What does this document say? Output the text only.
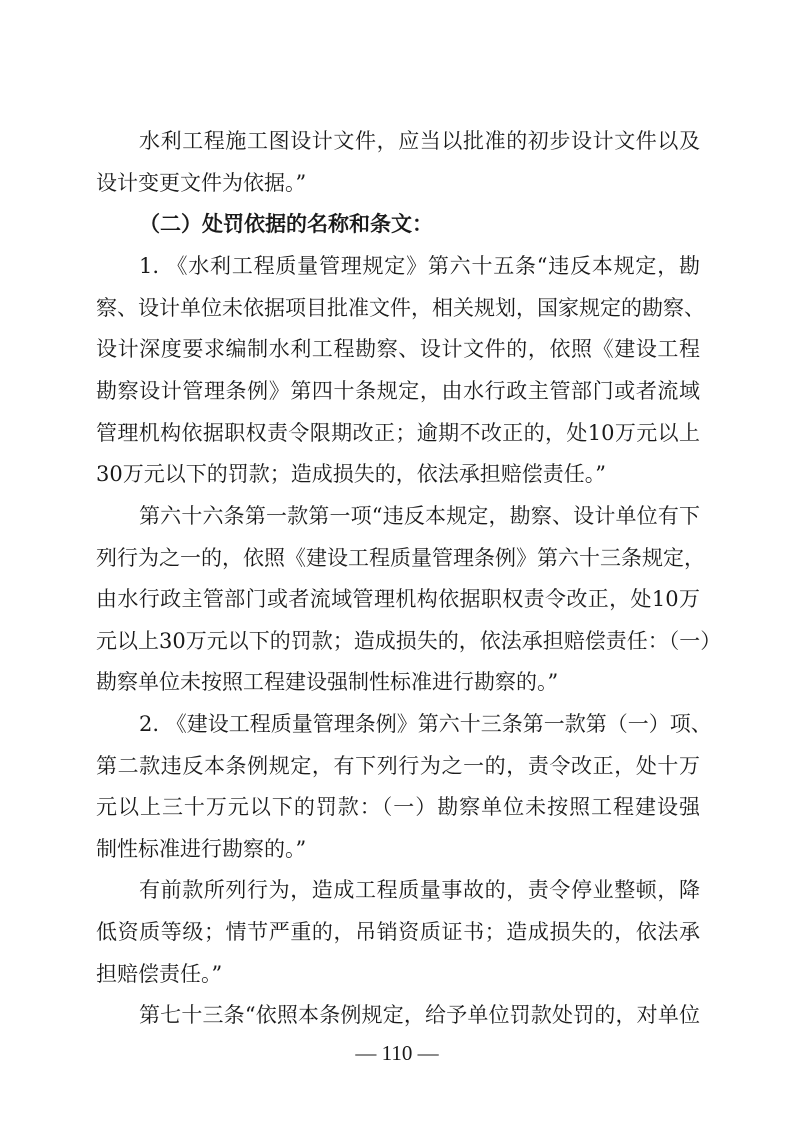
水利工程施工图设计文件，应当以批准的初步设计文件以及
设计变更文件为依据。”
（二）处罚依据的名称和条文：
1. 《水利工程质量管理规定》第六十五条“违反本规定，勘
察、设计单位未依据项目批准文件，相关规划，国家规定的勘察、
设计深度要求编制水利工程勘察、设计文件的，依照《建设工程
勘察设计管理条例》第四十条规定，由水行政主管部门或者流域
管理机构依据职权责令限期改正；逾期不改正的，处10万元以上
30万元以下的罚款；造成损失的，依法承担赔偿责任。”
第六十六条第一款第一项“违反本规定，勘察、设计单位有下
列行为之一的，依照《建设工程质量管理条例》第六十三条规定，
由水行政主管部门或者流域管理机构依据职权责令改正，处10万
元以上30万元以下的罚款；造成损失的，依法承担赔偿责任：（一）
勘察单位未按照工程建设强制性标准进行勘察的。”
2. 《建设工程质量管理条例》第六十三条第一款第（一）项、
第二款违反本条例规定，有下列行为之一的，责令改正，处十万
元以上三十万元以下的罚款：（一）勘察单位未按照工程建设强
制性标准进行勘察的。”
有前款所列行为，造成工程质量事故的，责令停业整顿，降
低资质等级；情节严重的，吊销资质证书；造成损失的，依法承
担赔偿责任。”
第七十三条“依照本条例规定，给予单位罚款处罚的，对单位
— 110 —
